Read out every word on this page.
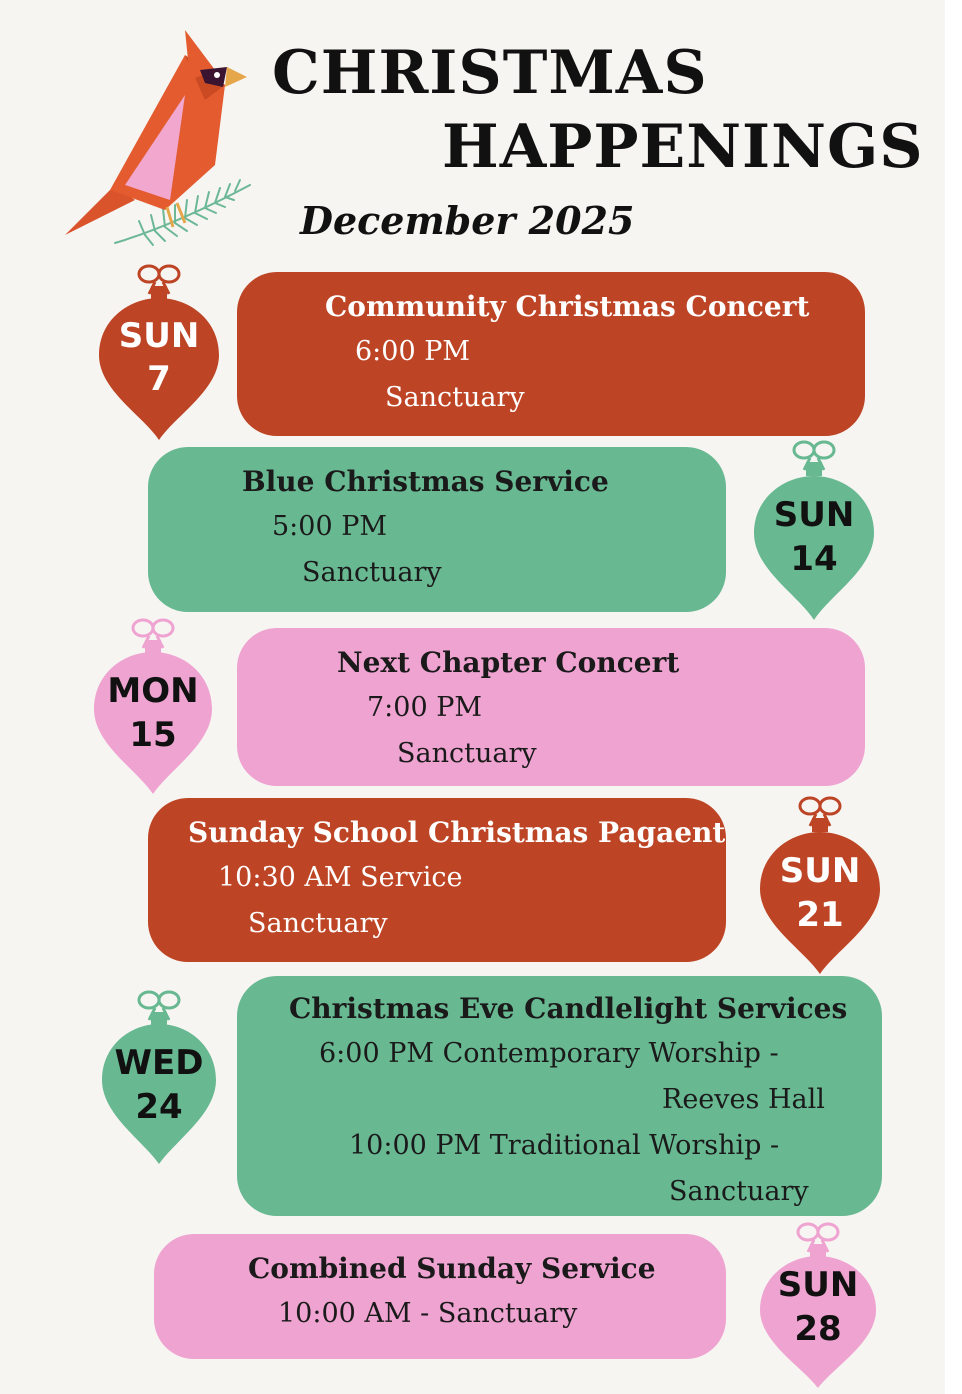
CHRISTMAS
HAPPENINGS
December 2025

Community Christmas Concert

6:00 PM

Sanctuary

SUN

7

Blue Christmas Service

5:00 PM

Sanctuary

SUN

14

Next Chapter Concert

7:00 PM

Sanctuary

MON

15

Sunday School Christmas Pagaent

10:30 AM Service

Sanctuary

SUN

21

Christmas Eve Candlelight Services

6:00 PM Contemporary Worship -

Reeves Hall

10:00 PM Traditional Worship -

Sanctuary

WED

24

Combined Sunday Service

10:00 AM - Sanctuary

SUN

28
